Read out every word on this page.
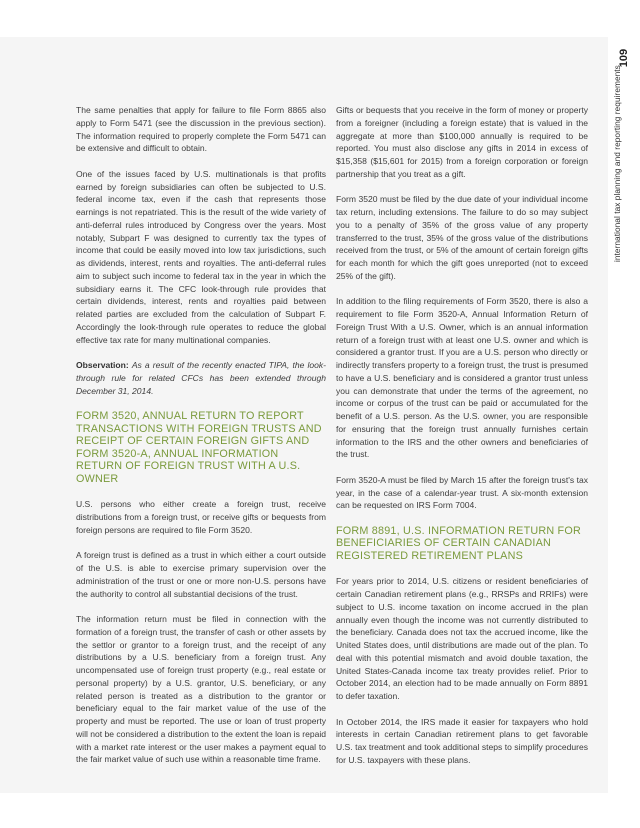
109
international tax planning and reporting requirements

The same penalties that apply for failure to file Form 8865 also apply to Form 5471 (see the discussion in the previous section). The information required to properly complete the Form 5471 can be extensive and difficult to obtain.

One of the issues faced by U.S. multinationals is that profits earned by foreign subsidiaries can often be subjected to U.S. federal income tax, even if the cash that represents those earnings is not repatriated. This is the result of the wide variety of anti-deferral rules introduced by Congress over the years. Most notably, Subpart F was designed to currently tax the types of income that could be easily moved into low tax jurisdictions, such as dividends, interest, rents and royalties. The anti-deferral rules aim to subject such income to federal tax in the year in which the subsidiary earns it. The CFC look-through rule provides that certain dividends, interest, rents and royalties paid between related parties are excluded from the calculation of Subpart F. Accordingly the look-through rule operates to reduce the global effective tax rate for many multinational companies.

Observation: As a result of the recently enacted TIPA, the look-through rule for related CFCs has been extended through December 31, 2014.

FORM 3520, ANNUAL RETURN TO REPORT TRANSACTIONS WITH FOREIGN TRUSTS AND RECEIPT OF CERTAIN FOREIGN GIFTS AND FORM 3520-A, ANNUAL INFORMATION RETURN OF FOREIGN TRUST WITH A U.S. OWNER

U.S. persons who either create a foreign trust, receive distributions from a foreign trust, or receive gifts or bequests from foreign persons are required to file Form 3520.

A foreign trust is defined as a trust in which either a court outside of the U.S. is able to exercise primary supervision over the administration of the trust or one or more non-U.S. persons have the authority to control all substantial decisions of the trust.

The information return must be filed in connection with the formation of a foreign trust, the transfer of cash or other assets by the settlor or grantor to a foreign trust, and the receipt of any distributions by a U.S. beneficiary from a foreign trust. Any uncompensated use of foreign trust property (e.g., real estate or personal property) by a U.S. grantor, U.S. beneficiary, or any related person is treated as a distribution to the grantor or beneficiary equal to the fair market value of the use of the property and must be reported. The use or loan of trust property will not be considered a distribution to the extent the loan is repaid with a market rate interest or the user makes a payment equal to the fair market value of such use within a reasonable time frame.

Gifts or bequests that you receive in the form of money or property from a foreigner (including a foreign estate) that is valued in the aggregate at more than $100,000 annually is required to be reported. You must also disclose any gifts in 2014 in excess of $15,358 ($15,601 for 2015) from a foreign corporation or foreign partnership that you treat as a gift.

Form 3520 must be filed by the due date of your individual income tax return, including extensions. The failure to do so may subject you to a penalty of 35% of the gross value of any property transferred to the trust, 35% of the gross value of the distributions received from the trust, or 5% of the amount of certain foreign gifts for each month for which the gift goes unreported (not to exceed 25% of the gift).

In addition to the filing requirements of Form 3520, there is also a requirement to file Form 3520-A, Annual Information Return of Foreign Trust With a U.S. Owner, which is an annual information return of a foreign trust with at least one U.S. owner and which is considered a grantor trust. If you are a U.S. person who directly or indirectly transfers property to a foreign trust, the trust is presumed to have a U.S. beneficiary and is considered a grantor trust unless you can demonstrate that under the terms of the agreement, no income or corpus of the trust can be paid or accumulated for the benefit of a U.S. person. As the U.S. owner, you are responsible for ensuring that the foreign trust annually furnishes certain information to the IRS and the other owners and beneficiaries of the trust.

Form 3520-A must be filed by March 15 after the foreign trust's tax year, in the case of a calendar-year trust. A six-month extension can be requested on IRS Form 7004.

FORM 8891, U.S. INFORMATION RETURN FOR BENEFICIARIES OF CERTAIN CANADIAN REGISTERED RETIREMENT PLANS

For years prior to 2014, U.S. citizens or resident beneficiaries of certain Canadian retirement plans (e.g., RRSPs and RRIFs) were subject to U.S. income taxation on income accrued in the plan annually even though the income was not currently distributed to the beneficiary. Canada does not tax the accrued income, like the United States does, until distributions are made out of the plan. To deal with this potential mismatch and avoid double taxation, the United States-Canada income tax treaty provides relief. Prior to October 2014, an election had to be made annually on Form 8891 to defer taxation.

In October 2014, the IRS made it easier for taxpayers who hold interests in certain Canadian retirement plans to get favorable U.S. tax treatment and took additional steps to simplify procedures for U.S. taxpayers with these plans.
